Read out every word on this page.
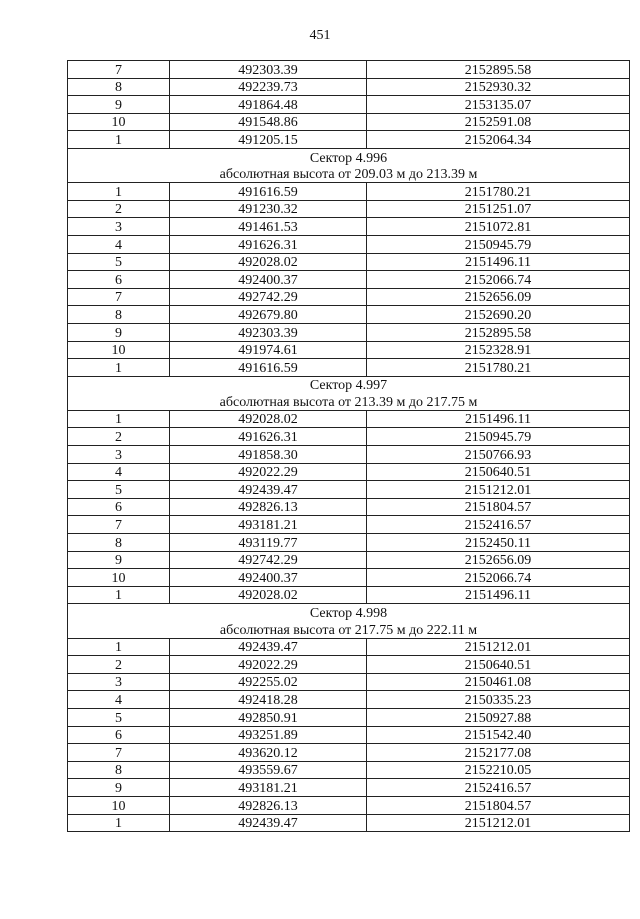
451
7	492303.39	2152895.58
8	492239.73	2152930.32
9	491864.48	2153135.07
10	491548.86	2152591.08
1	491205.15	2152064.34
Сектор 4.996		
абсолютная высота от 209.03 м до 213.39 м		
1	491616.59	2151780.21
2	491230.32	2151251.07
3	491461.53	2151072.81
4	491626.31	2150945.79
5	492028.02	2151496.11
6	492400.37	2152066.74
7	492742.29	2152656.09
8	492679.80	2152690.20
9	492303.39	2152895.58
10	491974.61	2152328.91
1	491616.59	2151780.21
Сектор 4.997		
абсолютная высота от 213.39 м до 217.75 м		
1	492028.02	2151496.11
2	491626.31	2150945.79
3	491858.30	2150766.93
4	492022.29	2150640.51
5	492439.47	2151212.01
6	492826.13	2151804.57
7	493181.21	2152416.57
8	493119.77	2152450.11
9	492742.29	2152656.09
10	492400.37	2152066.74
1	492028.02	2151496.11
Сектор 4.998		
абсолютная высота от 217.75 м до 222.11 м		
1	492439.47	2151212.01
2	492022.29	2150640.51
3	492255.02	2150461.08
4	492418.28	2150335.23
5	492850.91	2150927.88
6	493251.89	2151542.40
7	493620.12	2152177.08
8	493559.67	2152210.05
9	493181.21	2152416.57
10	492826.13	2151804.57
1	492439.47	2151212.01
